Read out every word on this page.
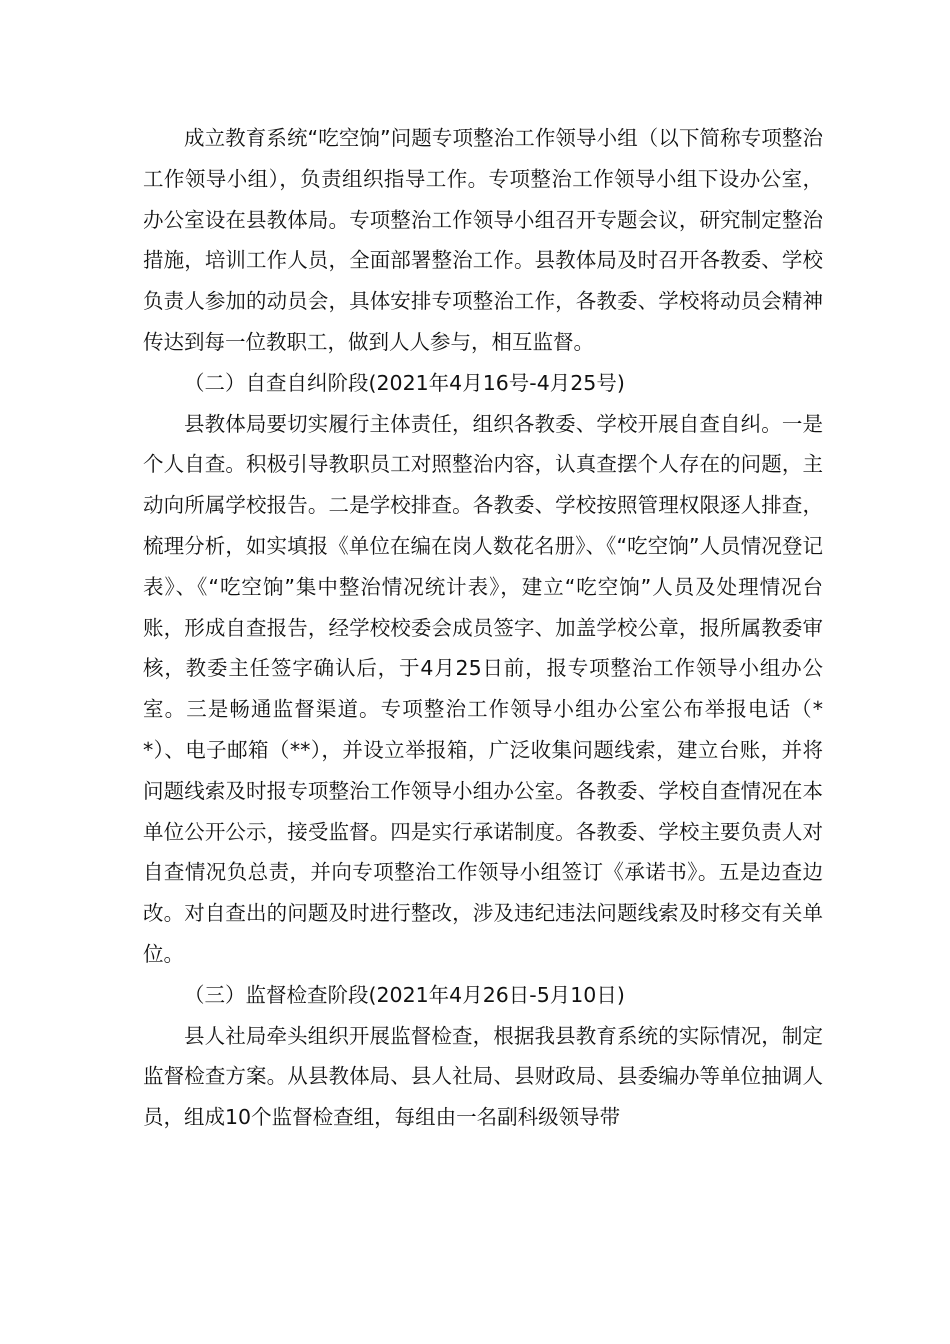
成立教育系统“吃空饷”问题专项整治工作领导小组（以下简称专项整治工作领导小组），负责组织指导工作。专项整治工作领导小组下设办公室，办公室设在县教体局。专项整治工作领导小组召开专题会议，研究制定整治措施，培训工作人员，全面部署整治工作。县教体局及时召开各教委、学校负责人参加的动员会，具体安排专项整治工作，各教委、学校将动员会精神传达到每一位教职工，做到人人参与，相互监督。

（二）自查自纠阶段(2021年4月16号-4月25号)

县教体局要切实履行主体责任，组织各教委、学校开展自查自纠。一是个人自查。积极引导教职员工对照整治内容，认真查摆个人存在的问题，主动向所属学校报告。二是学校排查。各教委、学校按照管理权限逐人排查，梳理分析，如实填报《单位在编在岗人数花名册》、《“吃空饷”人员情况登记表》、《“吃空饷”集中整治情况统计表》，建立“吃空饷”人员及处理情况台账，形成自查报告，经学校校委会成员签字、加盖学校公章，报所属教委审核，教委主任签字确认后，于4月25日前，报专项整治工作领导小组办公室。三是畅通监督渠道。专项整治工作领导小组办公室公布举报电话（**）、电子邮箱（**），并设立举报箱，广泛收集问题线索，建立台账，并将问题线索及时报专项整治工作领导小组办公室。各教委、学校自查情况在本单位公开公示，接受监督。四是实行承诺制度。各教委、学校主要负责人对自查情况负总责，并向专项整治工作领导小组签订《承诺书》。五是边查边改。对自查出的问题及时进行整改，涉及违纪违法问题线索及时移交有关单位。

（三）监督检查阶段(2021年4月26日-5月10日)

县人社局牵头组织开展监督检查，根据我县教育系统的实际情况，制定监督检查方案。从县教体局、县人社局、县财政局、县委编办等单位抽调人员，组成10个监督检查组，每组由一名副科级领导带
